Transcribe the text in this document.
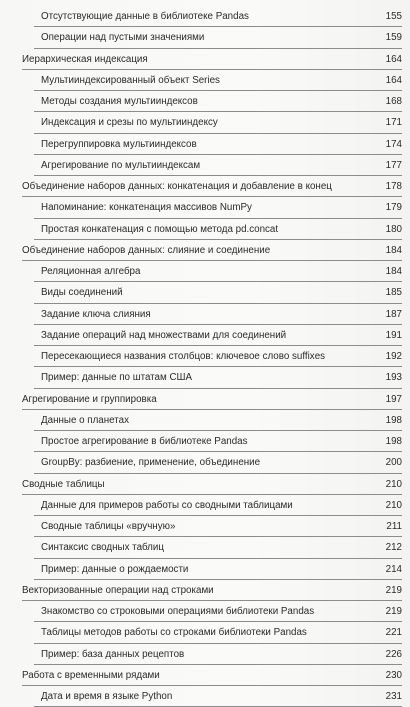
Отсутствующие данные в библиотеке Pandas	155
Операции над пустыми значениями	159
Иерархическая индексация	164
Мультииндексированный объект Series	164
Методы создания мультииндексов	168
Индексация и срезы по мультииндексу	171
Перегруппировка мультииндексов	174
Агрегирование по мультииндексам	177
Объединение наборов данных: конкатенация и добавление в конец	178
Напоминание: конкатенация массивов NumPy	179
Простая конкатенация с помощью метода pd.concat	180
Объединение наборов данных: слияние и соединение	184
Реляционная алгебра	184
Виды соединений	185
Задание ключа слияния	187
Задание операций над множествами для соединений	191
Пересекающиеся названия столбцов: ключевое слово suffixes	192
Пример: данные по штатам США	193
Агрегирование и группировка	197
Данные о планетах	198
Простое агрегирование в библиотеке Pandas	198
GroupBy: разбиение, применение, объединение	200
Сводные таблицы	210
Данные для примеров работы со сводными таблицами	210
Сводные таблицы «вручную»	211
Синтаксис сводных таблиц	212
Пример: данные о рождаемости	214
Векторизованные операции над строками	219
Знакомство со строковыми операциями библиотеки Pandas	219
Таблицы методов работы со строками библиотеки Pandas	221
Пример: база данных рецептов	226
Работа с временными рядами	230
Дата и время в языке Python	231
